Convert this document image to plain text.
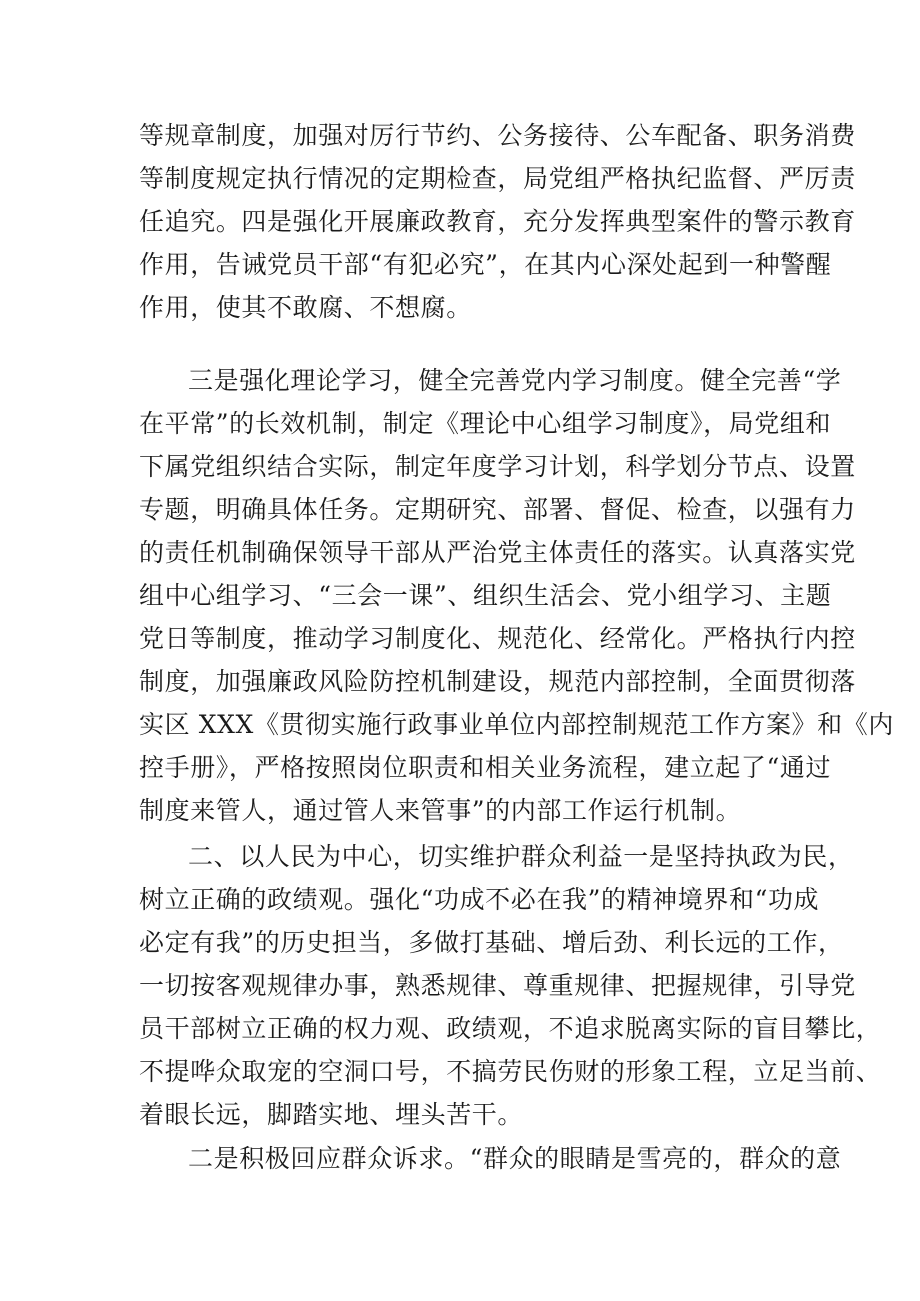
等规章制度，加强对厉行节约、公务接待、公车配备、职务消费
等制度规定执行情况的定期检查，局党组严格执纪监督、严厉责
任追究。四是强化开展廉政教育，充分发挥典型案件的警示教育
作用，告诫党员干部“有犯必究”，在其内心深处起到一种警醒
作用，使其不敢腐、不想腐。
三是强化理论学习，健全完善党内学习制度。健全完善“学
在平常”的长效机制，制定《理论中心组学习制度》，局党组和
下属党组织结合实际，制定年度学习计划，科学划分节点、设置
专题，明确具体任务。定期研究、部署、督促、检查，以强有力
的责任机制确保领导干部从严治党主体责任的落实。认真落实党
组中心组学习、“三会一课”、组织生活会、党小组学习、主题
党日等制度，推动学习制度化、规范化、经常化。严格执行内控
制度，加强廉政风险防控机制建设，规范内部控制，全面贯彻落
实区 XXX《贯彻实施行政事业单位内部控制规范工作方案》和《内
控手册》，严格按照岗位职责和相关业务流程，建立起了“通过
制度来管人，通过管人来管事”的内部工作运行机制。
二、以人民为中心，切实维护群众利益一是坚持执政为民，
树立正确的政绩观。强化“功成不必在我”的精神境界和“功成
必定有我”的历史担当，多做打基础、增后劲、利长远的工作，
一切按客观规律办事，熟悉规律、尊重规律、把握规律，引导党
员干部树立正确的权力观、政绩观，不追求脱离实际的盲目攀比，
不提哗众取宠的空洞口号，不搞劳民伤财的形象工程，立足当前、
着眼长远，脚踏实地、埋头苦干。
二是积极回应群众诉求。“群众的眼睛是雪亮的，群众的意
